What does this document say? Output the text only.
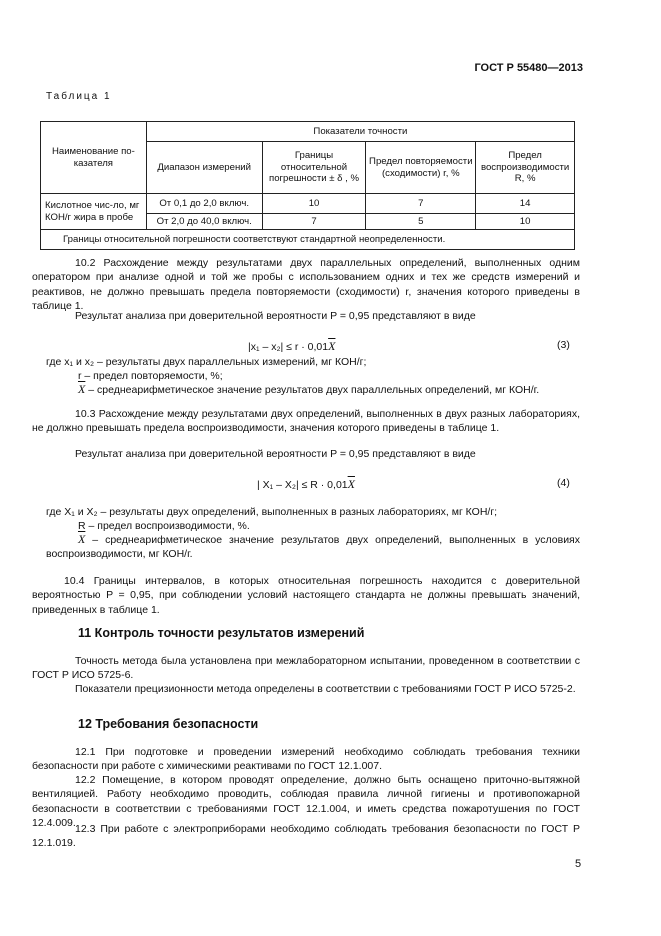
ГОСТ Р 55480—2013
Таблица 1
Наименование по-казателя	Показатели точности			
	Диапазон измерений	Границы относительной погрешности ± δ , %	Предел повторяемости (сходимости) r, %	Предел воспроизводимости R, %
Кислотное чис-ло, мг КОН/г жира в пробе	От 0,1 до 2,0 включ.	10	7	14
	От 2,0 до 40,0 включ.	7	5	10
Границы относительной погрешности соответствуют стандартной неопределенности.				
10.2 Расхождение между результатами двух параллельных определений, выполненных одним оператором при анализе одной и той же пробы с использованием одних и тех же средств измерений и реактивов, не должно превышать предела повторяемости (сходимости) r, значения которого приведены в таблице 1.
Результат анализа при доверительной вероятности P = 0,95 представляют в виде
$|x_1 - x_2| \le r \cdot 0,01\overline{X}$	(3)
где x₁ и x₂ – результаты двух параллельных измерений, мг КОН/г;
r – предел повторяемости, %;
$\overline{X}$ – среднеарифметическое значение результатов двух параллельных определений, мг КОН/г.
10.3 Расхождение между результатами двух определений, выполненных в двух разных лабораториях, не должно превышать предела воспроизводимости, значения которого приведены в таблице 1.
Результат анализа при доверительной вероятности P = 0,95 представляют в виде
| $X_1 - X_2| \le R \cdot 0,01\overline{X}$	(4)
где X₁ и X₂ – результаты двух определений, выполненных в разных лабораториях, мг КОН/г;
R – предел воспроизводимости, %.
$\overline{X}$ – среднеарифметическое значение результатов двух определений, выполненных в условиях воспроизводимости, мг КОН/г.
10.4 Границы интервалов, в которых относительная погрешность находится с доверительной вероятностью P = 0,95, при соблюдении условий настоящего стандарта не должны превышать значений, приведенных в таблице 1.
11 Контроль точности результатов измерений
Точность метода была установлена при межлабораторном испытании, проведенном в соответствии с ГОСТ Р ИСО 5725-6.
Показатели прецизионности метода определены в соответствии с требованиями ГОСТ Р ИСО 5725-2.
12 Требования безопасности
12.1 При подготовке и проведении измерений необходимо соблюдать требования техники безопасности при работе с химическими реактивами по ГОСТ 12.1.007.
12.2 Помещение, в котором проводят определение, должно быть оснащено приточно-вытяжной вентиляцией. Работу необходимо проводить, соблюдая правила личной гигиены и противопожарной безопасности в соответствии с требованиями ГОСТ 12.1.004, и иметь средства пожаротушения по ГОСТ 12.4.009. 12.3 При работе с электроприборами необходимо соблюдать требования безопасности по ГОСТ Р 12.1.019.
5
